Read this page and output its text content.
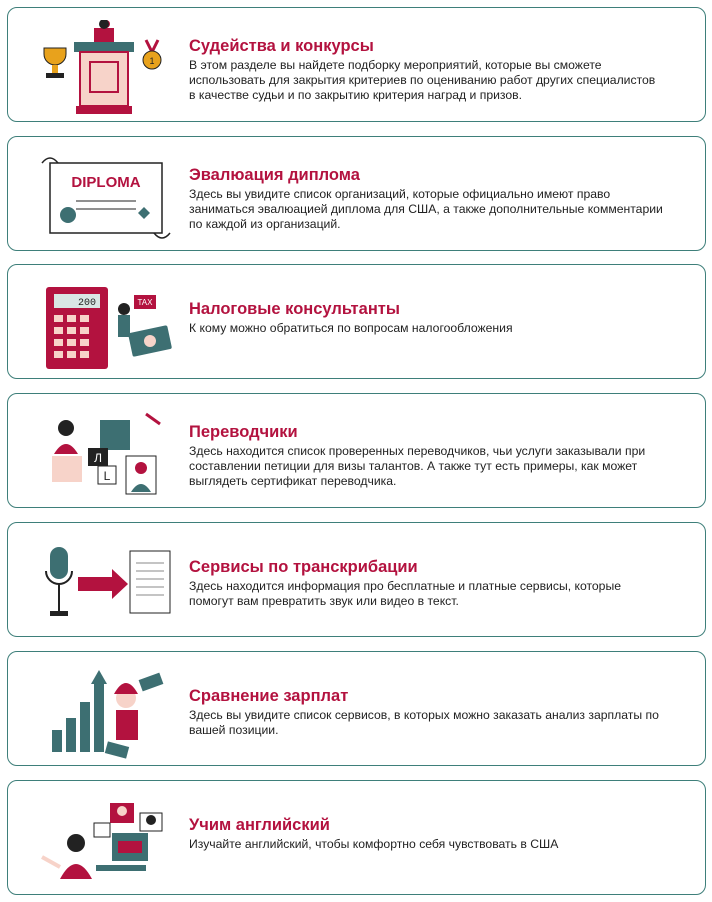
1

Судейства и конкурсы

В этом разделе вы найдете подборку мероприятий, которые вы сможете использовать для закрытия критериев по оцениванию работ других специалистов в качестве судьи и по закрытию критерия наград и призов.

DIPLOMA	Эвалюация диплома

Здесь вы увидите список организаций, которые официально имеют право заниматься эвалюацией диплома для США, а также дополнительные комментарии по каждой из организаций.

200	TAX Налоговые консультанты

К кому можно обратиться по вопросам налогообложения

Л
L

Переводчики

Здесь находится список проверенных переводчиков, чьи услуги заказывали при составлении петиции для визы талантов. А также тут есть примеры, как может выглядеть сертификат переводчика.

Сервисы по транскрибации

Здесь находится информация про бесплатные и платные сервисы, которые помогут вам превратить звук или видео в текст.

Сравнение зарплат

Здесь вы увидите список сервисов, в которых можно заказать анализ зарплаты по вашей позиции.

Учим английский

Изучайте английский, чтобы комфортно себя чувствовать в США
